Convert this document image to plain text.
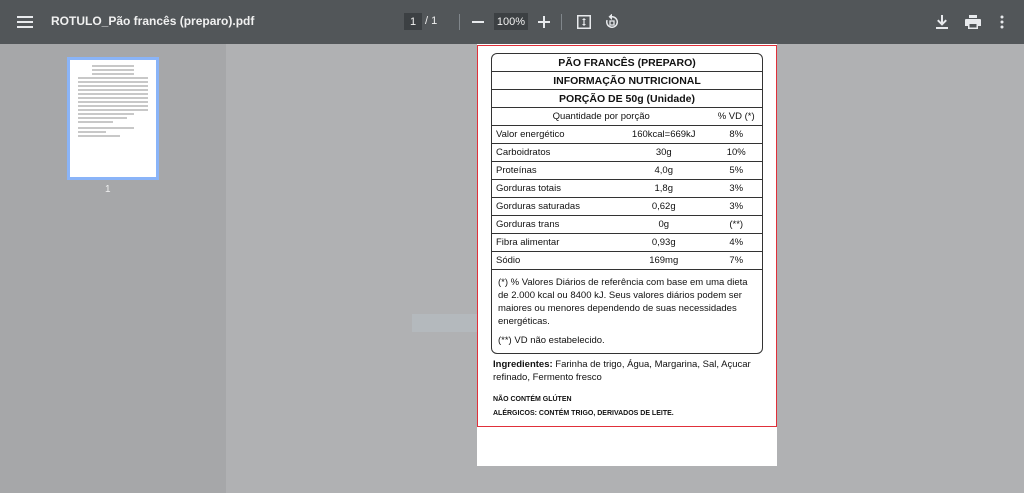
ROTULO_Pão francês (preparo).pdf	1 / 1	100%
1
PÃO FRANCÊS (PREPARO)
INFORMAÇÃO NUTRICIONAL
PORÇÃO DE 50g (Unidade)
Quantidade por porção	% VD (*)
Valor energético	160kcal=669kJ	8%
Carboidratos	30g	10%
Proteínas	4,0g	5%
Gorduras totais	1,8g	3%
Gorduras saturadas	0,62g	3%
Gorduras trans	0g	(**)
Fibra alimentar	0,93g	4%
Sódio	169mg	7%

(*) % Valores Diários de referência com base em uma dieta de 2.000 kcal ou 8400 kJ. Seus valores diários podem ser maiores ou menores dependendo de suas necessidades energéticas.

(**) VD não estabelecido.

Ingredientes: Farinha de trigo, Água, Margarina, Sal, Açucar refinado, Fermento fresco
NÃO CONTÉM GLÚTEN
ALÉRGICOS: CONTÉM TRIGO, DERIVADOS DE LEITE.
